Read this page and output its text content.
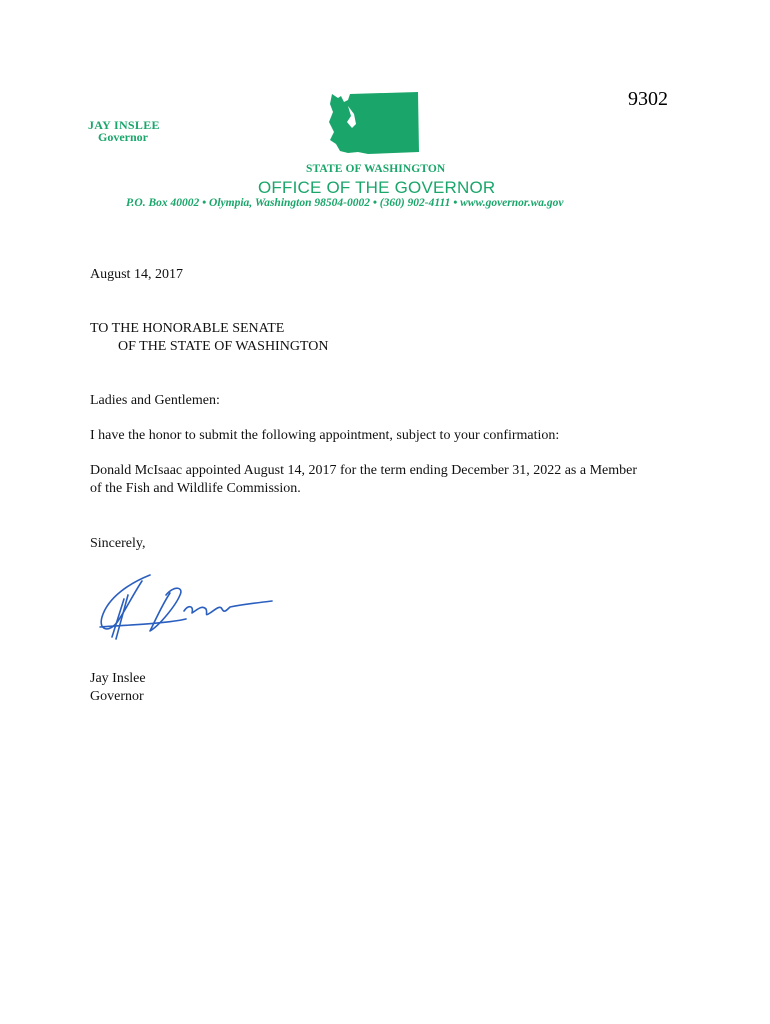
9302
JAY INSLEE
Governor
STATE OF WASHINGTON
OFFICE OF THE GOVERNOR
P.O. Box 40002 • Olympia, Washington 98504-0002 • (360) 902-4111 • www.governor.wa.gov
August 14, 2017
TO THE HONORABLE SENATE
OF THE STATE OF WASHINGTON
Ladies and Gentlemen:
I have the honor to submit the following appointment, subject to your confirmation:
Donald McIsaac appointed August 14, 2017 for the term ending December 31, 2022 as a Member of the Fish and Wildlife Commission.
Sincerely,
Jay Inslee
Governor
